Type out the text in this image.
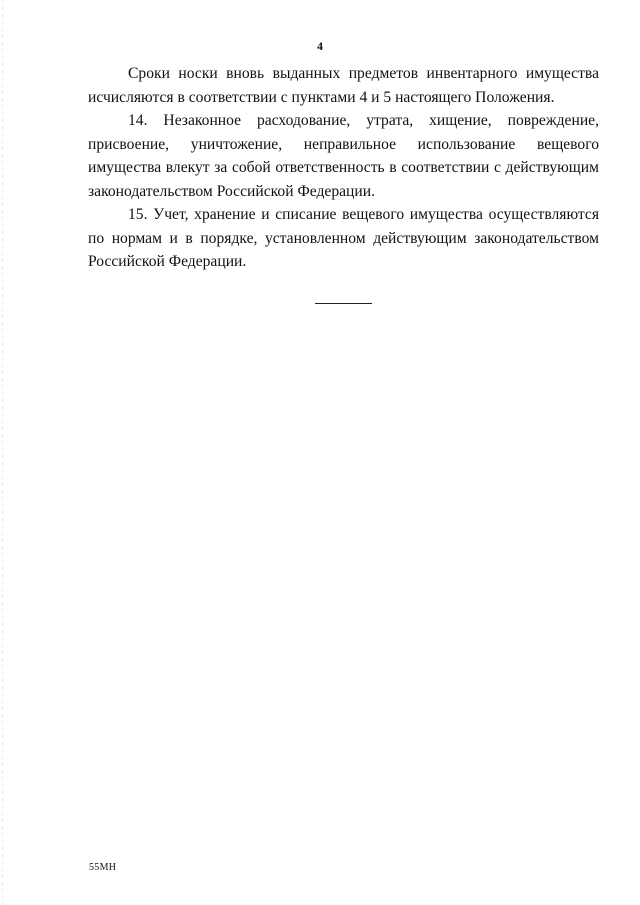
4

Сроки носки вновь выданных предметов инвентарного имущества исчисляются в соответствии с пунктами 4 и 5 настоящего Положения.

14. Незаконное расходование, утрата, хищение, повреждение, присвоение, уничтожение, неправильное использование вещевого имущества влекут за собой ответственность в соответствии с действующим законодательством Российской Федерации.

15. Учет, хранение и списание вещевого имущества осуществляются по нормам и в порядке, установленном действующим законодательством Российской Федерации.

55МН
